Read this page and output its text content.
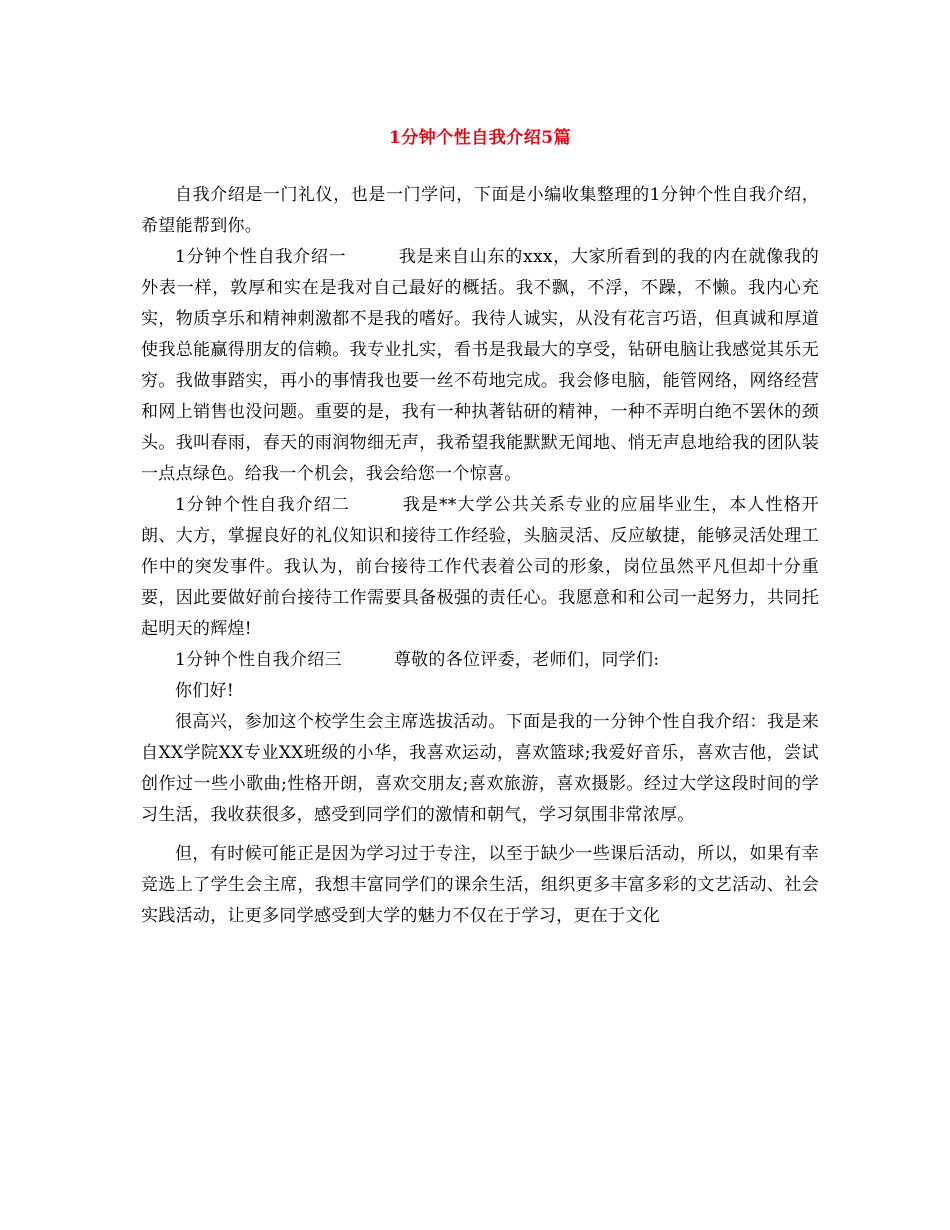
1分钟个性自我介绍5篇

自我介绍是一门礼仪，也是一门学问，下面是小编收集整理的1分钟个性自我介绍，希望能帮到你。

1分钟个性自我介绍一	我是来自山东的xxx，大家所看到的我的内在就像我的外表一样，敦厚和实在是我对自己最好的概括。我不飘，不浮，不躁，不懒。我内心充实，物质享乐和精神刺激都不是我的嗜好。我待人诚实，从没有花言巧语，但真诚和厚道使我总能赢得朋友的信赖。我专业扎实，看书是我最大的享受，钻研电脑让我感觉其乐无穷。我做事踏实，再小的事情我也要一丝不苟地完成。我会修电脑，能管网络，网络经营和网上销售也没问题。重要的是，我有一种执著钻研的精神，一种不弄明白绝不罢休的颈头。我叫春雨，春天的雨润物细无声，我希望我能默默无闻地、悄无声息地给我的团队装一点点绿色。给我一个机会，我会给您一个惊喜。

1分钟个性自我介绍二	我是**大学公共关系专业的应届毕业生，本人性格开朗、大方，掌握良好的礼仪知识和接待工作经验，头脑灵活、反应敏捷，能够灵活处理工作中的突发事件。我认为，前台接待工作代表着公司的形象，岗位虽然平凡但却十分重要，因此要做好前台接待工作需要具备极强的责任心。我愿意和和公司一起努力，共同托起明天的辉煌!

1分钟个性自我介绍三	尊敬的各位评委，老师们，同学们:

你们好!

很高兴，参加这个校学生会主席选拔活动。下面是我的一分钟个性自我介绍：我是来自XX学院XX专业XX班级的小华，我喜欢运动，喜欢篮球;我爱好音乐，喜欢吉他，尝试创作过一些小歌曲;性格开朗，喜欢交朋友;喜欢旅游，喜欢摄影。经过大学这段时间的学习生活，我收获很多，感受到同学们的激情和朝气，学习氛围非常浓厚。

但，有时候可能正是因为学习过于专注，以至于缺少一些课后活动，所以，如果有幸竞选上了学生会主席，我想丰富同学们的课余生活，组织更多丰富多彩的文艺活动、社会实践活动，让更多同学感受到大学的魅力不仅在于学习，更在于文化
